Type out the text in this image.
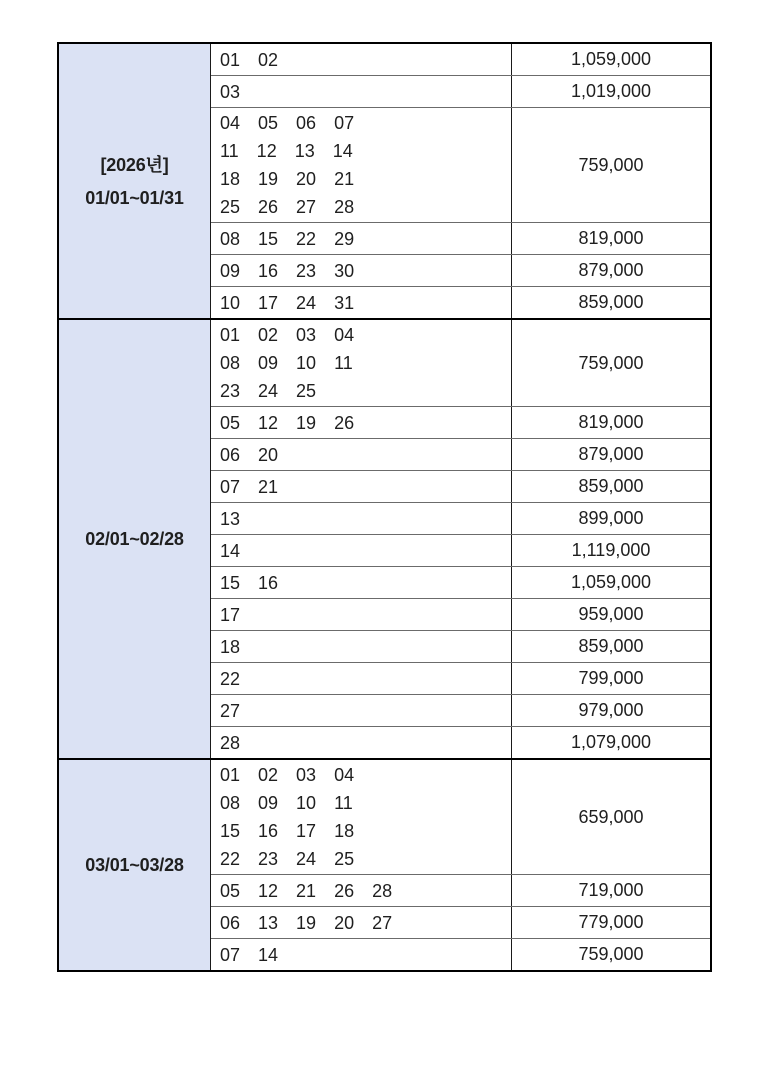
[2026년]
01/01~01/31
01 02	1,059,000
03	1,019,000
04 05 06 07
11 12 13 14
18 19 20 21
25 26 27 28
759,000
08 15 22 29	819,000
09 16 23 30	879,000
10 17 24 31	859,000
02/01~02/28
01 02 03 04
08 09 10 11
23 24 25
759,000
05 12 19 26	819,000
06 20	879,000
07 21	859,000
13	899,000
14	1,119,000
15 16	1,059,000
17	959,000
18	859,000
22	799,000
27	979,000
28	1,079,000
03/01~03/28
01 02 03 04
08 09 10 11
15 16 17 18
22 23 24 25
659,000
05 12 21 26 28	719,000
06 13 19 20 27	779,000
07 14	759,000
